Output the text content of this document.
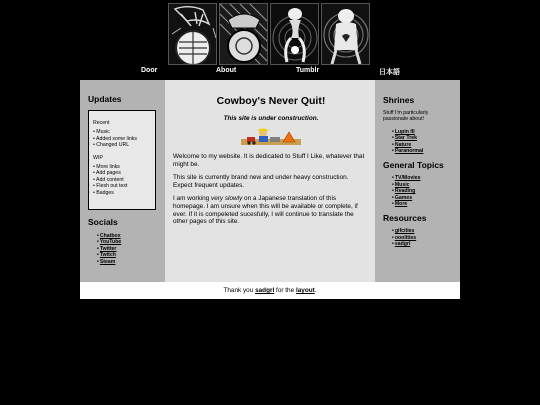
Door	About	Tumblr	日本語
Updates
Recent
• Music
• Added some links
• Changed URL
WIP
• More links
• Add pages
• Add content
• Flesh out text
• Badges
Socials
• Chatbox
• YouTube
• Twitter
• Twitch
• Steam
Cowboy's Never Quit!
This site is under construction.

Welcome to my website. It is dedicated to Stuff I Like, whatever that might be.

This site is currently brand new and under heavy construction. Expect frequent updates.

I am working very slowly on a Japanese translation of this homepage. I am unsure when this will be available or complete, if ever. If it is compeleted sucesfully, I will continue to translate the other pages of this site.

Shrines
Stuff I'm particularly passionate about!
• Lupin III
• Star Trek
• Nature
• Paranormal
General Topics
• TV/Movies
• Music
• Reading
• Games
• More
Resources
• gifcities
• ooolities
• sadgrl
Thank you sadgrl for the layout.
